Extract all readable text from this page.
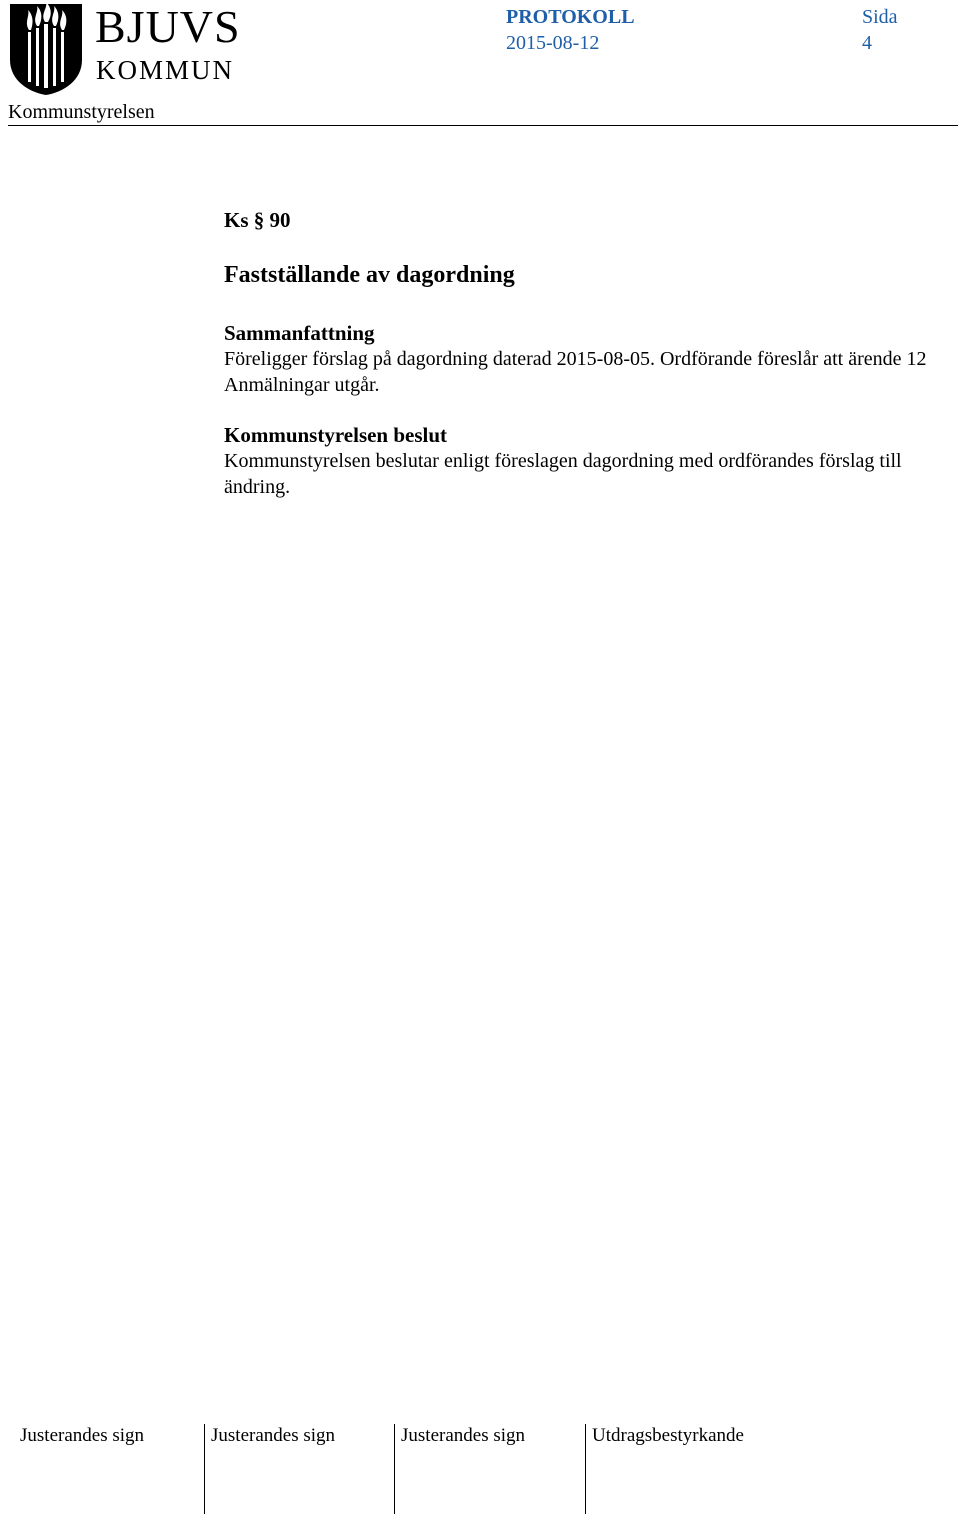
BJUVS
KOMMUN
PROTOKOLL
2015-08-12
Sida
4
Kommunstyrelsen

Ks § 90

Fastställande av dagordning

Sammanfattning

Föreligger förslag på dagordning daterad 2015-08-05. Ordförande föreslår att ärende 12 Anmälningar utgår.

Kommunstyrelsen beslut

Kommunstyrelsen beslutar enligt föreslagen dagordning med ordförandes förslag till ändring.

Justerandes sign	Justerandes sign	Justerandes sign	Utdragsbestyrkande
